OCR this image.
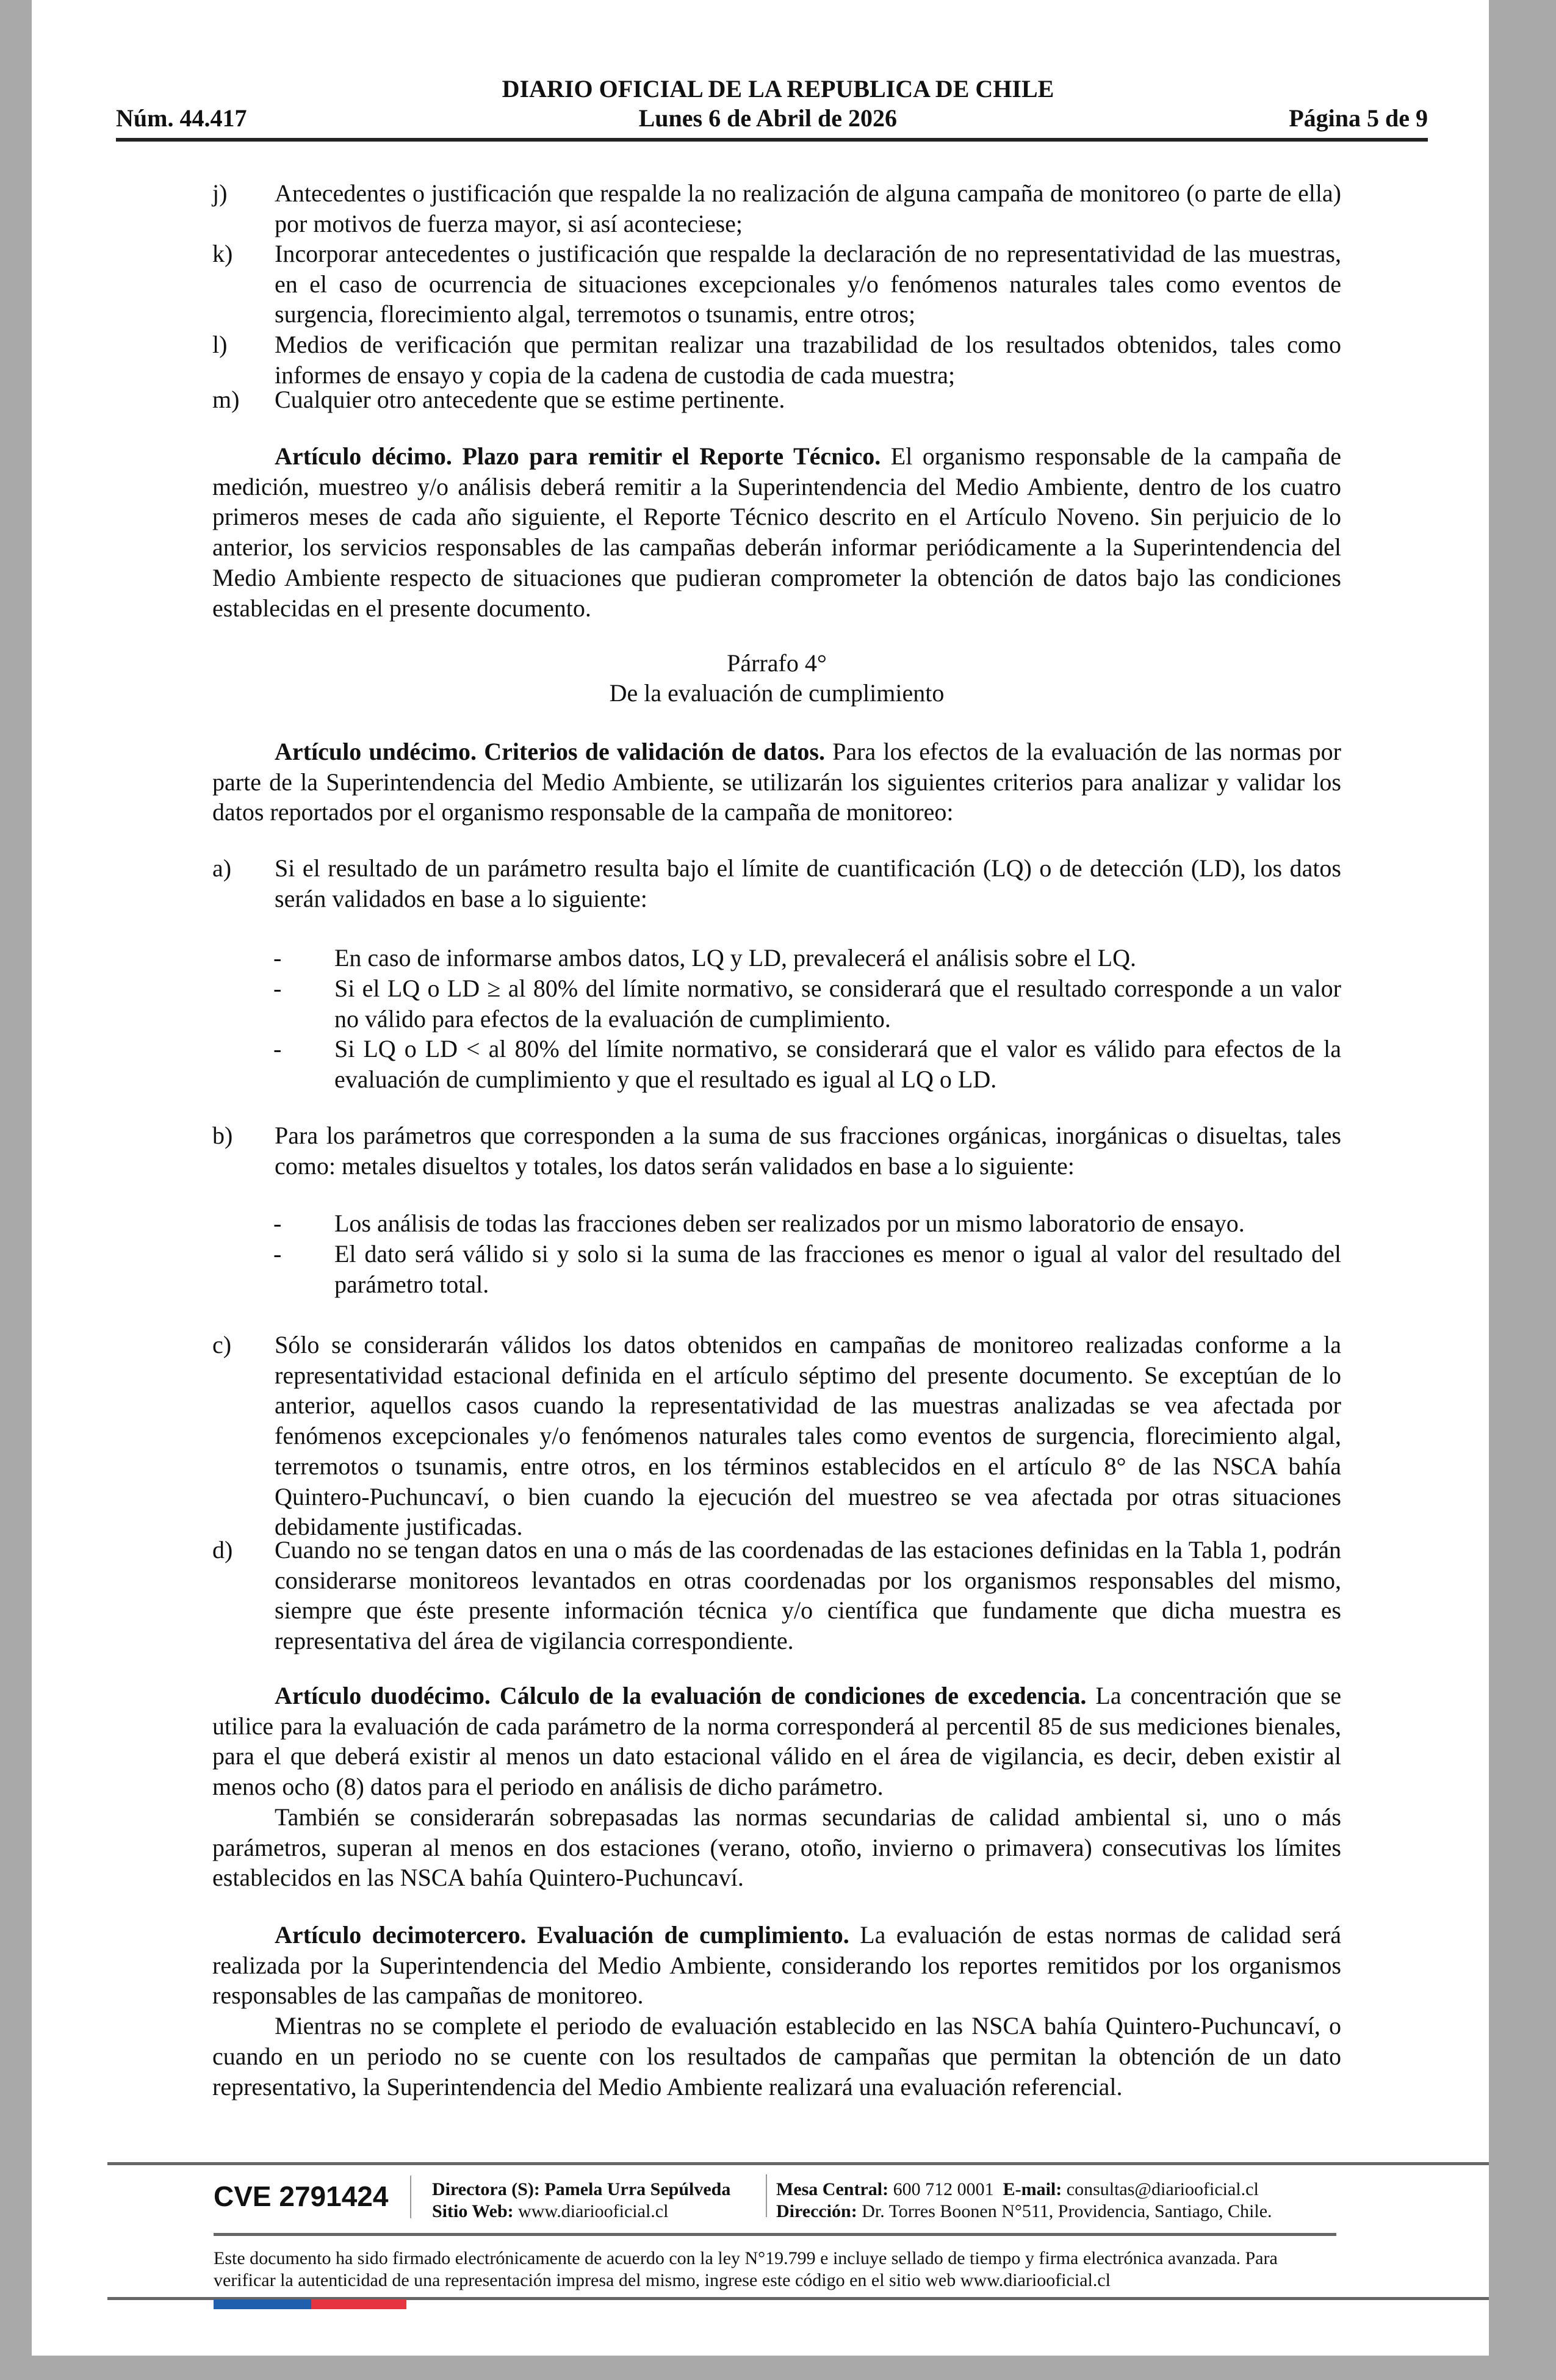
DIARIO OFICIAL DE LA REPUBLICA DE CHILE
Núm. 44.417	Lunes 6 de Abril de 2026	Página 5 de 9
j)	Antecedentes o justificación que respalde la no realización de alguna campaña de monitoreo (o parte de ella) por motivos de fuerza mayor, si así aconteciese;
k)	Incorporar antecedentes o justificación que respalde la declaración de no representatividad de las muestras, en el caso de ocurrencia de situaciones excepcionales y/o fenómenos naturales tales como eventos de surgencia, florecimiento algal, terremotos o tsunamis, entre otros;
l)	Medios de verificación que permitan realizar una trazabilidad de los resultados obtenidos, tales como informes de ensayo y copia de la cadena de custodia de cada muestra;
m)	Cualquier otro antecedente que se estime pertinente.
Artículo décimo. Plazo para remitir el Reporte Técnico. El organismo responsable de la campaña de medición, muestreo y/o análisis deberá remitir a la Superintendencia del Medio Ambiente, dentro de los cuatro primeros meses de cada año siguiente, el Reporte Técnico descrito en el Artículo Noveno. Sin perjuicio de lo anterior, los servicios responsables de las campañas deberán informar periódicamente a la Superintendencia del Medio Ambiente respecto de situaciones que pudieran comprometer la obtención de datos bajo las condiciones establecidas en el presente documento.
Párrafo 4°
De la evaluación de cumplimiento
Artículo undécimo. Criterios de validación de datos. Para los efectos de la evaluación de las normas por parte de la Superintendencia del Medio Ambiente, se utilizarán los siguientes criterios para analizar y validar los datos reportados por el organismo responsable de la campaña de monitoreo:
a)	Si el resultado de un parámetro resulta bajo el límite de cuantificación (LQ) o de detección (LD), los datos serán validados en base a lo siguiente:
-	En caso de informarse ambos datos, LQ y LD, prevalecerá el análisis sobre el LQ.
-	Si el LQ o LD ≥ al 80% del límite normativo, se considerará que el resultado corresponde a un valor no válido para efectos de la evaluación de cumplimiento.
-	Si LQ o LD < al 80% del límite normativo, se considerará que el valor es válido para efectos de la evaluación de cumplimiento y que el resultado es igual al LQ o LD.
b)	Para los parámetros que corresponden a la suma de sus fracciones orgánicas, inorgánicas o disueltas, tales como: metales disueltos y totales, los datos serán validados en base a lo siguiente:
-	Los análisis de todas las fracciones deben ser realizados por un mismo laboratorio de ensayo.
-	El dato será válido si y solo si la suma de las fracciones es menor o igual al valor del resultado del parámetro total.
c)	Sólo se considerarán válidos los datos obtenidos en campañas de monitoreo realizadas conforme a la representatividad estacional definida en el artículo séptimo del presente documento. Se exceptúan de lo anterior, aquellos casos cuando la representatividad de las muestras analizadas se vea afectada por fenómenos excepcionales y/o fenómenos naturales tales como eventos de surgencia, florecimiento algal, terremotos o tsunamis, entre otros, en los términos establecidos en el artículo 8° de las NSCA bahía Quintero-Puchuncaví, o bien cuando la ejecución del muestreo se vea afectada por otras situaciones debidamente justificadas.
d)	Cuando no se tengan datos en una o más de las coordenadas de las estaciones definidas en la Tabla 1, podrán considerarse monitoreos levantados en otras coordenadas por los organismos responsables del mismo, siempre que éste presente información técnica y/o científica que fundamente que dicha muestra es representativa del área de vigilancia correspondiente.
Artículo duodécimo. Cálculo de la evaluación de condiciones de excedencia. La concentración que se utilice para la evaluación de cada parámetro de la norma corresponderá al percentil 85 de sus mediciones bienales, para el que deberá existir al menos un dato estacional válido en el área de vigilancia, es decir, deben existir al menos ocho (8) datos para el periodo en análisis de dicho parámetro.
También se considerarán sobrepasadas las normas secundarias de calidad ambiental si, uno o más parámetros, superan al menos en dos estaciones (verano, otoño, invierno o primavera) consecutivas los límites establecidos en las NSCA bahía Quintero-Puchuncaví.
Artículo decimotercero. Evaluación de cumplimiento. La evaluación de estas normas de calidad será realizada por la Superintendencia del Medio Ambiente, considerando los reportes remitidos por los organismos responsables de las campañas de monitoreo.
Mientras no se complete el periodo de evaluación establecido en las NSCA bahía Quintero-Puchuncaví, o cuando en un periodo no se cuente con los resultados de campañas que permitan la obtención de un dato representativo, la Superintendencia del Medio Ambiente realizará una evaluación referencial.
CVE 2791424 Directora (S): Pamela Urra Sepúlveda
Sitio Web: www.diariooficial.cl
Mesa Central: 600 712 0001 E-mail: consultas@diariooficial.cl
Dirección: Dr. Torres Boonen N°511, Providencia, Santiago, Chile.
Este documento ha sido firmado electrónicamente de acuerdo con la ley N°19.799 e incluye sellado de tiempo y firma electrónica avanzada. Para verificar la autenticidad de una representación impresa del mismo, ingrese este código en el sitio web www.diariooficial.cl
